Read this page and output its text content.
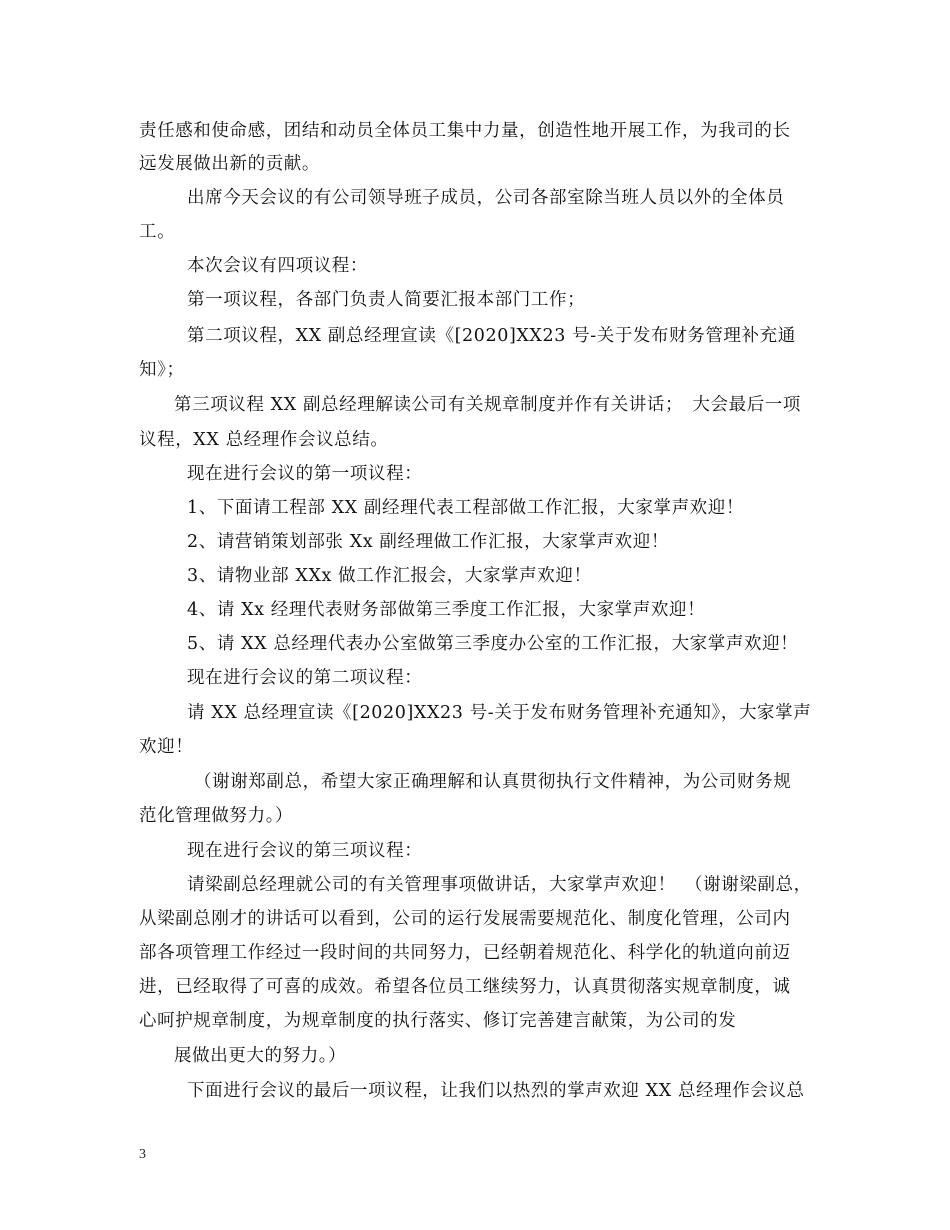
责任感和使命感，团结和动员全体员工集中力量，创造性地开展工作，为我司的长

远发展做出新的贡献。

出席今天会议的有公司领导班子成员，公司各部室除当班人员以外的全体员

工。

本次会议有四项议程：

第一项议程，各部门负责人简要汇报本部门工作；

第二项议程，XX 副总经理宣读《[2020]XX23 号-关于发布财务管理补充通

知》；

第三项议程 XX 副总经理解读公司有关规章制度并作有关讲话；　大会最后一项

议程，XX 总经理作会议总结。

现在进行会议的第一项议程：

1、下面请工程部 XX 副经理代表工程部做工作汇报，大家掌声欢迎！

2、请营销策划部张 Xx 副经理做工作汇报，大家掌声欢迎！

3、请物业部 XXx 做工作汇报会，大家掌声欢迎！

4、请 Xx 经理代表财务部做第三季度工作汇报，大家掌声欢迎！

5、请 XX 总经理代表办公室做第三季度办公室的工作汇报，大家掌声欢迎！

现在进行会议的第二项议程：

请 XX 总经理宣读《[2020]XX23 号-关于发布财务管理补充通知》，大家掌声

欢迎！

（谢谢郑副总，希望大家正确理解和认真贯彻执行文件精神，为公司财务规

范化管理做努力。）

现在进行会议的第三项议程：

请梁副总经理就公司的有关管理事项做讲话，大家掌声欢迎！　（谢谢梁副总，

从梁副总刚才的讲话可以看到，公司的运行发展需要规范化、制度化管理，公司内

部各项管理工作经过一段时间的共同努力，已经朝着规范化、科学化的轨道向前迈

进，已经取得了可喜的成效。希望各位员工继续努力，认真贯彻落实规章制度，诚

心呵护规章制度，为规章制度的执行落实、修订完善建言献策，为公司的发

展做出更大的努力。）

下面进行会议的最后一项议程，让我们以热烈的掌声欢迎 XX 总经理作会议总

3
